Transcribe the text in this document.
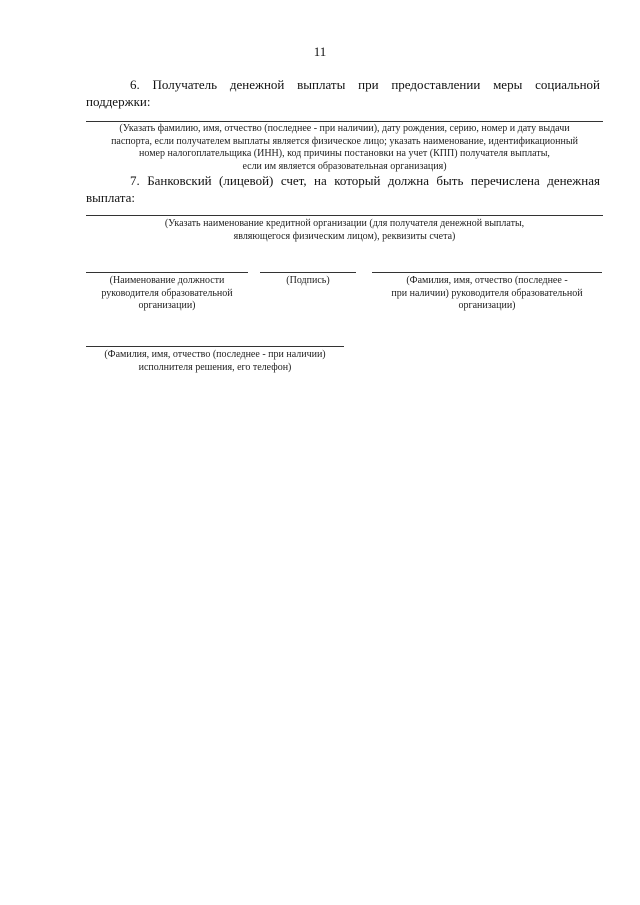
11
6. Получатель денежной выплаты при предоставлении меры социальной
поддержки:
(Указать фамилию, имя, отчество (последнее - при наличии), дату рождения, серию, номер и дату выдачи
паспорта, если получателем выплаты является физическое лицо; указать наименование, идентификационный
номер налогоплательщика (ИНН), код причины постановки на учет (КПП) получателя выплаты,
если им является образовательная организация)
7. Банковский (лицевой) счет, на который должна быть перечислена денежная
выплата:
(Указать наименование кредитной организации (для получателя денежной выплаты,
являющегося физическим лицом), реквизиты счета)
(Наименование должности
руководителя образовательной
организации)
(Подпись)	(Фамилия, имя, отчество (последнее -
при наличии) руководителя образовательной
организации)
(Фамилия, имя, отчество (последнее - при наличии)
исполнителя решения, его телефон)
